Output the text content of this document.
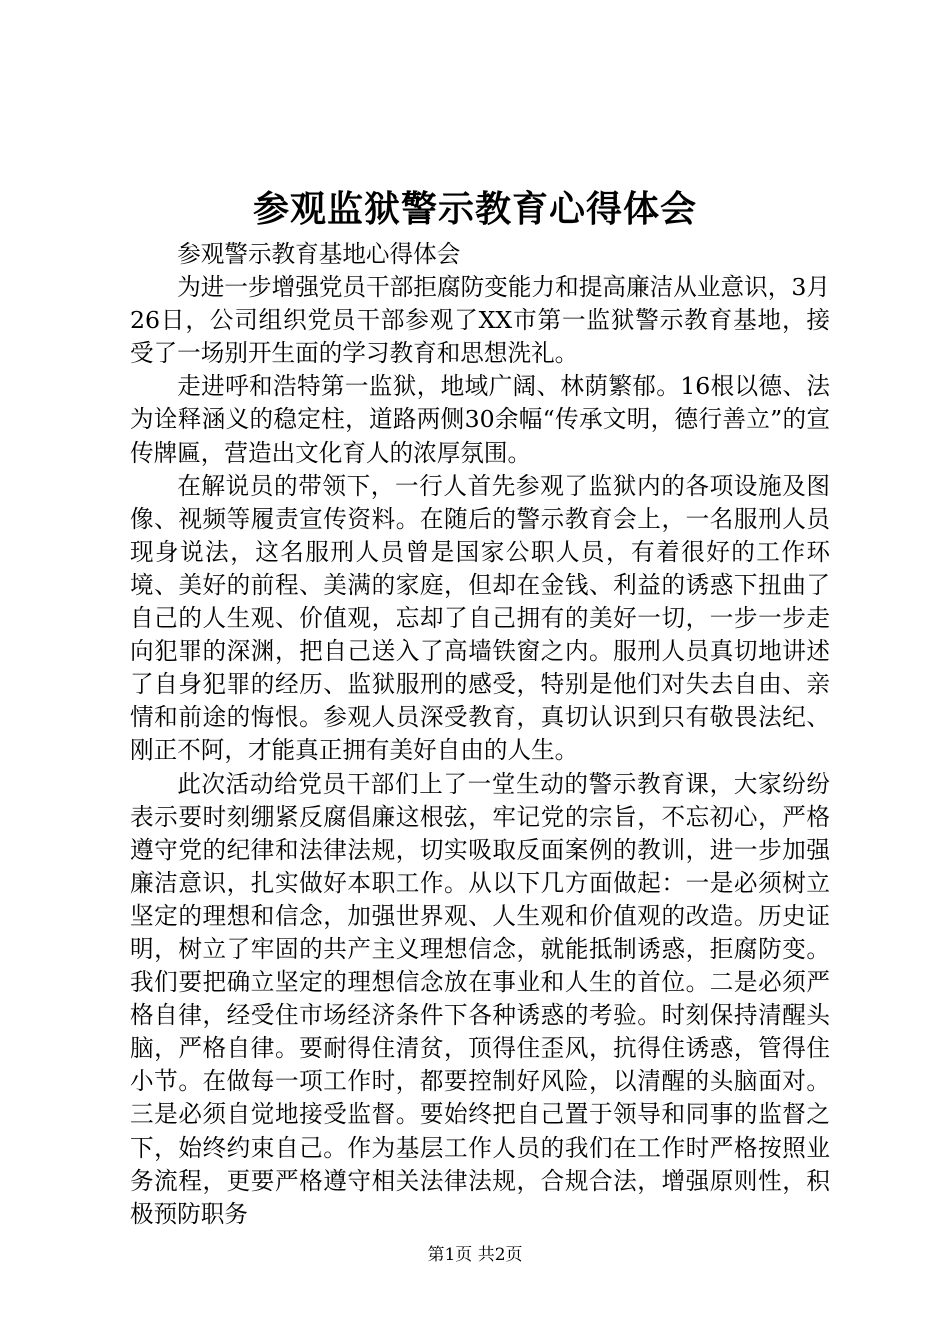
参观监狱警示教育心得体会

参观警示教育基地心得体会

为进一步增强党员干部拒腐防变能力和提高廉洁从业意识，3月26日，公司组织党员干部参观了XX市第一监狱警示教育基地，接受了一场别开生面的学习教育和思想洗礼。

走进呼和浩特第一监狱，地域广阔、林荫繁郁。16根以德、法为诠释涵义的稳定柱，道路两侧30余幅“传承文明，德行善立”的宣传牌匾，营造出文化育人的浓厚氛围。

在解说员的带领下，一行人首先参观了监狱内的各项设施及图像、视频等履责宣传资料。在随后的警示教育会上，一名服刑人员现身说法，这名服刑人员曾是国家公职人员，有着很好的工作环境、美好的前程、美满的家庭，但却在金钱、利益的诱惑下扭曲了自己的人生观、价值观，忘却了自己拥有的美好一切，一步一步走向犯罪的深渊，把自己送入了高墙铁窗之内。服刑人员真切地讲述了自身犯罪的经历、监狱服刑的感受，特别是他们对失去自由、亲情和前途的悔恨。参观人员深受教育，真切认识到只有敬畏法纪、刚正不阿，才能真正拥有美好自由的人生。

此次活动给党员干部们上了一堂生动的警示教育课，大家纷纷表示要时刻绷紧反腐倡廉这根弦，牢记党的宗旨，不忘初心，严格遵守党的纪律和法律法规，切实吸取反面案例的教训，进一步加强廉洁意识，扎实做好本职工作。从以下几方面做起：一是必须树立坚定的理想和信念，加强世界观、人生观和价值观的改造。历史证明，树立了牢固的共产主义理想信念，就能抵制诱惑，拒腐防变。我们要把确立坚定的理想信念放在事业和人生的首位。二是必须严格自律，经受住市场经济条件下各种诱惑的考验。时刻保持清醒头脑，严格自律。要耐得住清贫，顶得住歪风，抗得住诱惑，管得住小节。在做每一项工作时，都要控制好风险，以清醒的头脑面对。三是必须自觉地接受监督。要始终把自己置于领导和同事的监督之下，始终约束自己。作为基层工作人员的我们在工作时严格按照业务流程，更要严格遵守相关法律法规，合规合法，增强原则性，积极预防职务

第1页 共2页
